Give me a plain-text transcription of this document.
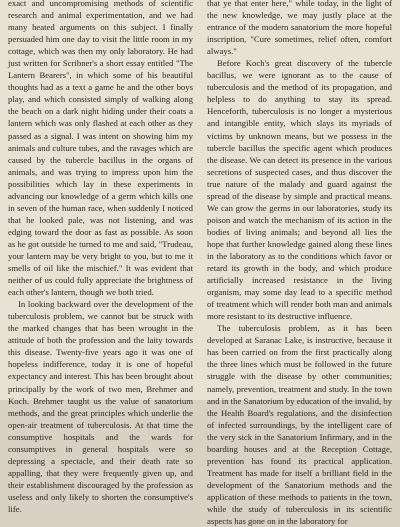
exact and uncompromising methods of scientific research and animal experimentation, and we had many heated arguments on this subject. I finally persuaded him one day to visit the little room in my cottage, which was then my only laboratory. He had just written for Scribner's a short essay entitled "The Lantern Bearers", in which some of his beautiful thoughts had as a text a game he and the other boys play, and which consisted simply of walking along the beach on a dark night hiding under their coats a lantern which was only flashed at each other as they passed as a signal. I was intent on showing him my animals and culture tubes, and the ravages which are caused by the tubercle bacillus in the organs of animals, and was trying to impress upon him the possibilities which lay in these experiments in advancing our knowledge of a germ which kills one in seven of the human race, when suddenly I noticed that he looked pale, was not listening, and was edging toward the door as fast as possible. As soon as he got outside he turned to me and said, "Trudeau, your lantern may be very bright to you, but to me it smells of oil like the mischief." It was evident that neither of us could fully appreciate the brightness of each other's lantern, though we both tried.

In looking backward over the development of the tuberculosis problem, we cannot but be struck with the marked changes that has been wrought in the attitude of both the profession and the laity towards this disease. Twenty-five years ago it was one of hopeless indifference, today it is one of hopeful expectancy and interest. This has been brought about principally by the work of two men, Brehmer and Koch. Brehmer taught us the value of sanatorium methods, and the great principles which underlie the open-air treatment of tuberculosis. At that time the consumptive hospitals and the wards for consumptives in general hospitals were so depressing a spectacle, and their death rate so appalling, that they were frequently given up, and their establishment discouraged by the profession as useless and only likely to shorten the consumptive's life.

that ye that enter here," while today, in the light of the new knowledge, we may justly place at the entrance of the modern sanatorium the more hopeful inscription, "Cure sometimes, relief often, comfort always."

Before Koch's great discovery of the tubercle bacillus, we were ignorant as to the cause of tuberculosis and the method of its propagation, and helpless to do anything to stay its spread. Henceforth, tuberculosis is no longer a mysterious and intangible entity, which slays its myriads of victims by unknown means, but we possess in the tubercle bacillus the specific agent which produces the disease. We can detect its presence in the various secretions of suspected cases, and thus discover the true nature of the malady and guard against the spread of the disease by simple and practical means. We can grow the germs in our laboratories, study its poison and watch the mechanism of its action in the bodies of living animals; and beyond all lies the hope that further knowledge gained along these lines in the laboratory as to the conditions which favor or retard its growth in the body, and which produce artificially increased resistance in the living organism, may some day lead to a specific method of treatment which will render both man and animals more resistant to its destructive influence.

The tuberculosis problem, as it has been developed at Saranac Lake, is instructive, because it has been carried on from the first practically along the three lines which must be followed in the future struggle with the disease by other communities; namely, prevention, treatment and study. In the town and in the Sanatorium by education of the invalid, by the Health Board's regulations, and the disinfection of infected surroundings, by the intelligent care of the very sick in the Sanatorium Infirmary, and in the boarding houses and at the Reception Cottage, prevention has found its practical application. Treatment has made for itself a brilliant field in the development of the Sanatorium methods and the application of these methods to patients in the town, while the study of tuberculosis in its scientific aspects has gone on in the laboratory for
